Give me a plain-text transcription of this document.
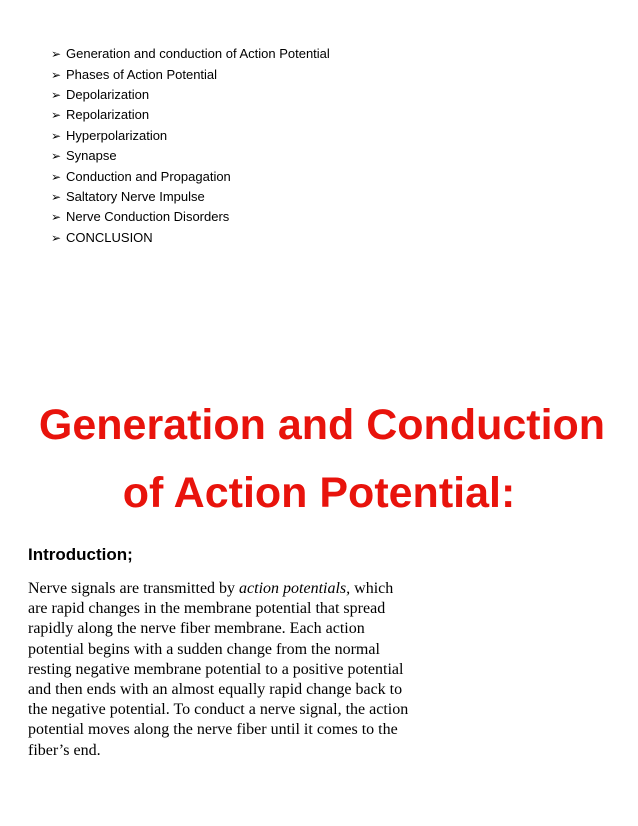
➢ Generation and conduction of Action Potential
➢ Phases of Action Potential
➢ Depolarization
➢ Repolarization
➢ Hyperpolarization
➢ Synapse
➢ Conduction and Propagation
➢ Saltatory Nerve Impulse
➢ Nerve Conduction Disorders
➢ CONCLUSION
Generation and Conduction
of Action Potential:
Introduction;

Nerve signals are transmitted by action potentials, which
are rapid changes in the membrane potential that spread
rapidly along the nerve fiber membrane. Each action
potential begins with a sudden change from the normal
resting negative membrane potential to a positive potential
and then ends with an almost equally rapid change back to
the negative potential. To conduct a nerve signal, the action
potential moves along the nerve fiber until it comes to the
fiber’s end.
